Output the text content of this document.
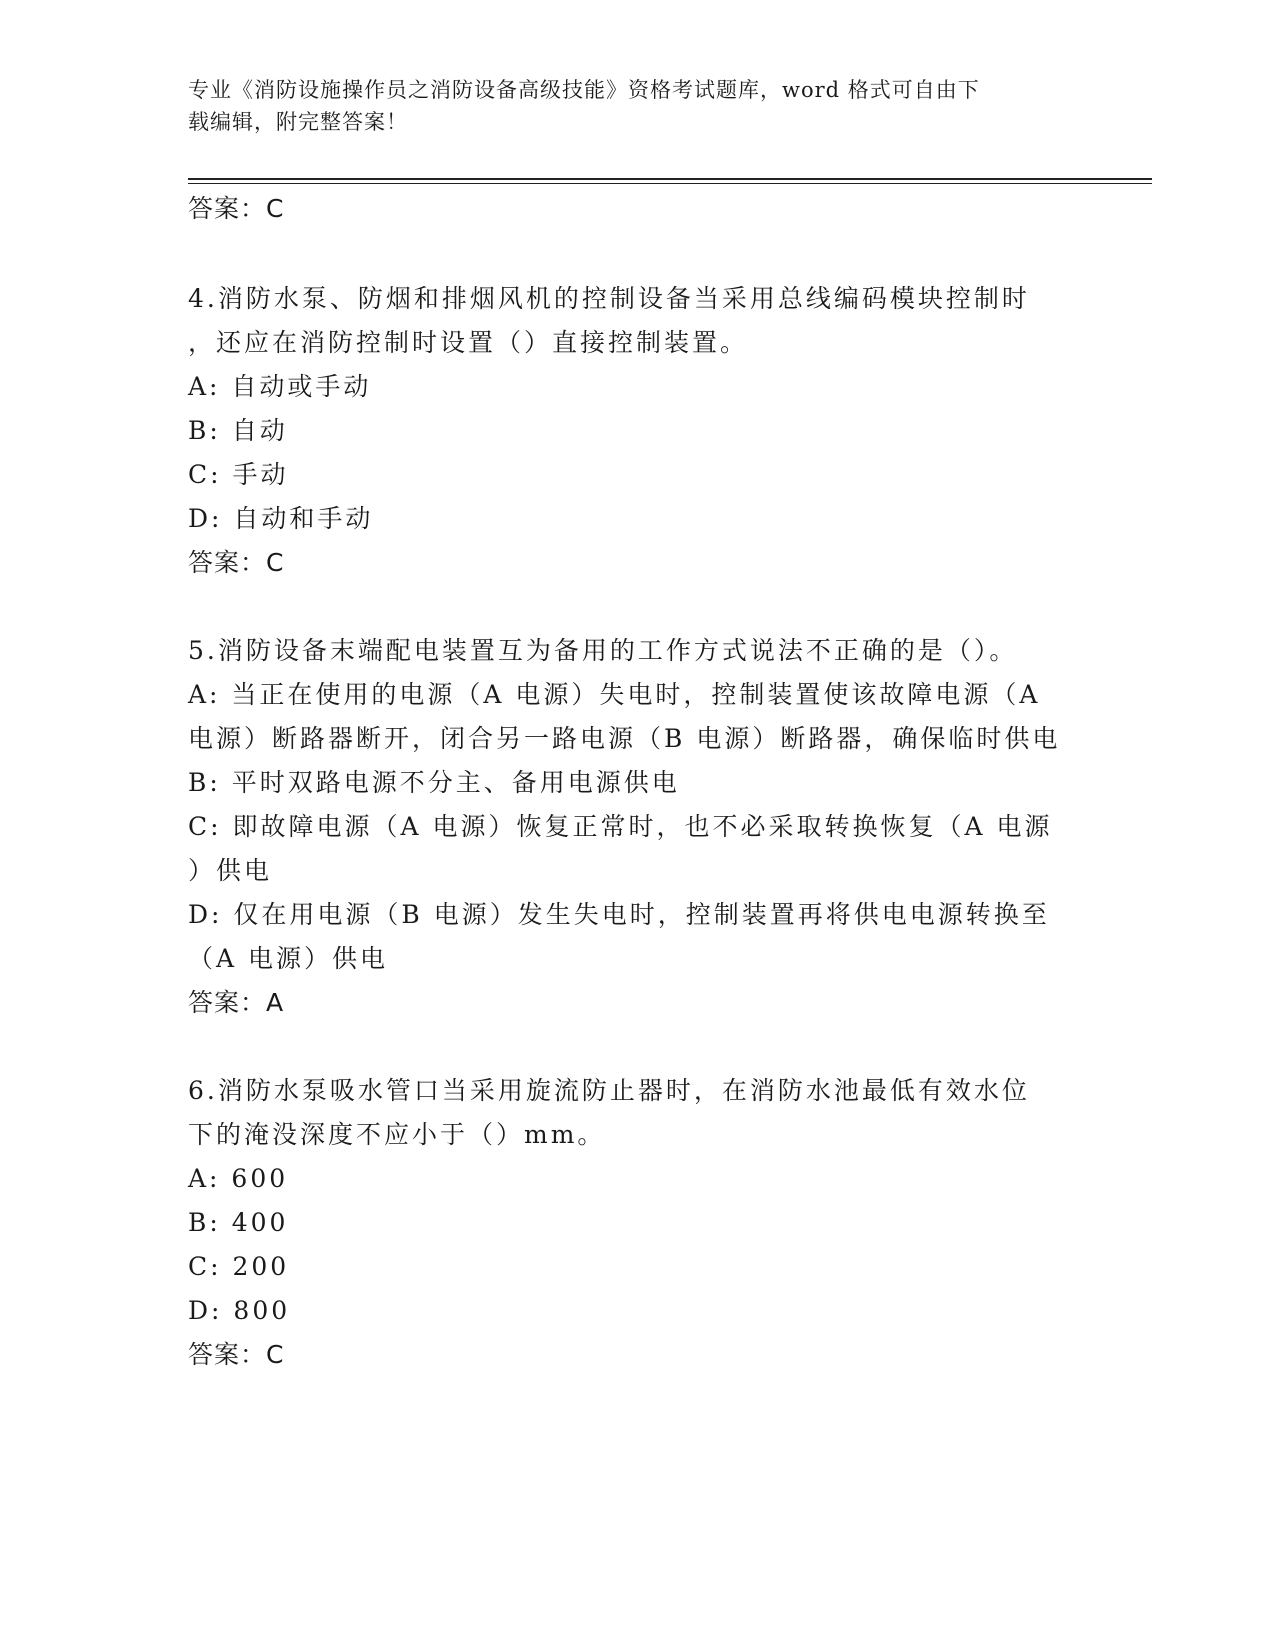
专业《消防设施操作员之消防设备高级技能》资格考试题库，word 格式可自由下
载编辑，附完整答案！
答案：C
4.消防水泵、防烟和排烟风机的控制设备当采用总线编码模块控制时
，还应在消防控制时设置（）直接控制装置。
A: 自动或手动
B: 自动
C: 手动
D: 自动和手动
答案：C
5.消防设备末端配电装置互为备用的工作方式说法不正确的是（）。
A: 当正在使用的电源（A 电源）失电时，控制装置使该故障电源（A
电源）断路器断开，闭合另一路电源（B 电源）断路器，确保临时供电
B: 平时双路电源不分主、备用电源供电
C: 即故障电源（A 电源）恢复正常时，也不必采取转换恢复（A 电源
）供电
D: 仅在用电源（B 电源）发生失电时，控制装置再将供电电源转换至
（A 电源）供电
答案：A
6.消防水泵吸水管口当采用旋流防止器时，在消防水池最低有效水位
下的淹没深度不应小于（）mm。
A: 600
B: 400
C: 200
D: 800
答案：C
